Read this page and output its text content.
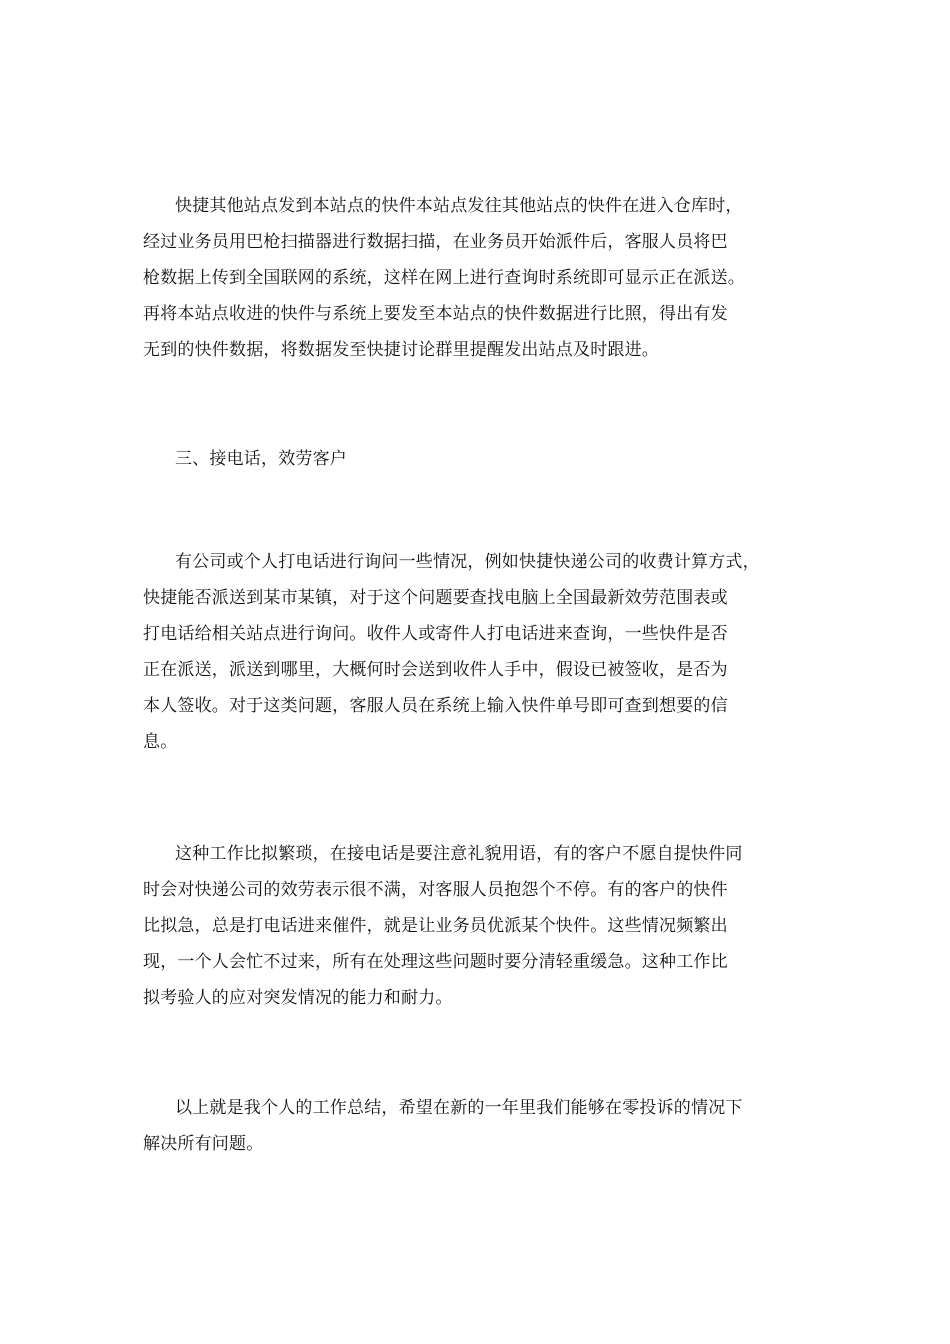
快捷其他站点发到本站点的快件本站点发往其他站点的快件在进入仓库时，
经过业务员用巴枪扫描器进行数据扫描，在业务员开始派件后，客服人员将巴
枪数据上传到全国联网的系统，这样在网上进行查询时系统即可显示正在派送。
再将本站点收进的快件与系统上要发至本站点的快件数据进行比照，得出有发
无到的快件数据，将数据发至快捷讨论群里提醒发出站点及时跟进。

三、接电话，效劳客户

有公司或个人打电话进行询问一些情况，例如快捷快递公司的收费计算方式，
快捷能否派送到某市某镇，对于这个问题要查找电脑上全国最新效劳范围表或
打电话给相关站点进行询问。收件人或寄件人打电话进来查询，一些快件是否
正在派送，派送到哪里，大概何时会送到收件人手中，假设已被签收，是否为
本人签收。对于这类问题，客服人员在系统上输入快件单号即可查到想要的信
息。

这种工作比拟繁琐，在接电话是要注意礼貌用语，有的客户不愿自提快件同
时会对快递公司的效劳表示很不满，对客服人员抱怨个不停。有的客户的快件
比拟急，总是打电话进来催件，就是让业务员优派某个快件。这些情况频繁出
现，一个人会忙不过来，所有在处理这些问题时要分清轻重缓急。这种工作比
拟考验人的应对突发情况的能力和耐力。

以上就是我个人的工作总结，希望在新的一年里我们能够在零投诉的情况下
解决所有问题。
